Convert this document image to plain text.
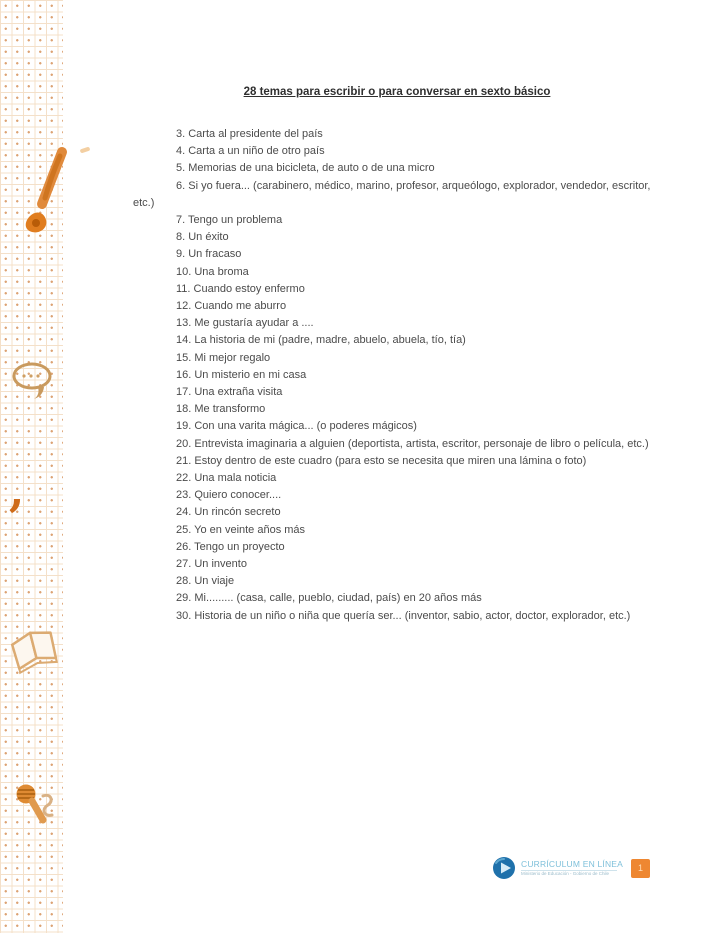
,
28 temas para escribir o para conversar en sexto básico

3. Carta al presidente del país

4. Carta a un niño de otro país

5. Memorias de una bicicleta, de auto o de una micro

6. Si yo fuera... (carabinero, médico, marino, profesor, arqueólogo, explorador, vendedor, escritor, etc.)

7. Tengo un problema

8. Un éxito

9. Un fracaso

10. Una broma

11. Cuando estoy enfermo

12. Cuando me aburro

13. Me gustaría ayudar a ....

14. La historia de mi (padre, madre, abuelo, abuela, tío, tía)

15. Mi mejor regalo

16. Un misterio en mi casa

17. Una extraña visita

18. Me transformo

19. Con una varita mágica... (o poderes mágicos)

20. Entrevista imaginaria a alguien (deportista, artista, escritor, personaje de libro o película, etc.)

21. Estoy dentro de este cuadro (para esto se necesita que miren una lámina o foto)

22. Una mala noticia

23. Quiero conocer....

24. Un rincón secreto

25. Yo en veinte años más

26. Tengo un proyecto

27. Un invento

28. Un viaje

29. Mi......... (casa, calle, pueblo, ciudad, país) en 20 años más

30. Historia de un niño o niña que quería ser... (inventor, sabio, actor, doctor, explorador, etc.)

CURRÍCULUM EN LÍNEA
Ministerio de Educación - Gobierno de Chile	1
